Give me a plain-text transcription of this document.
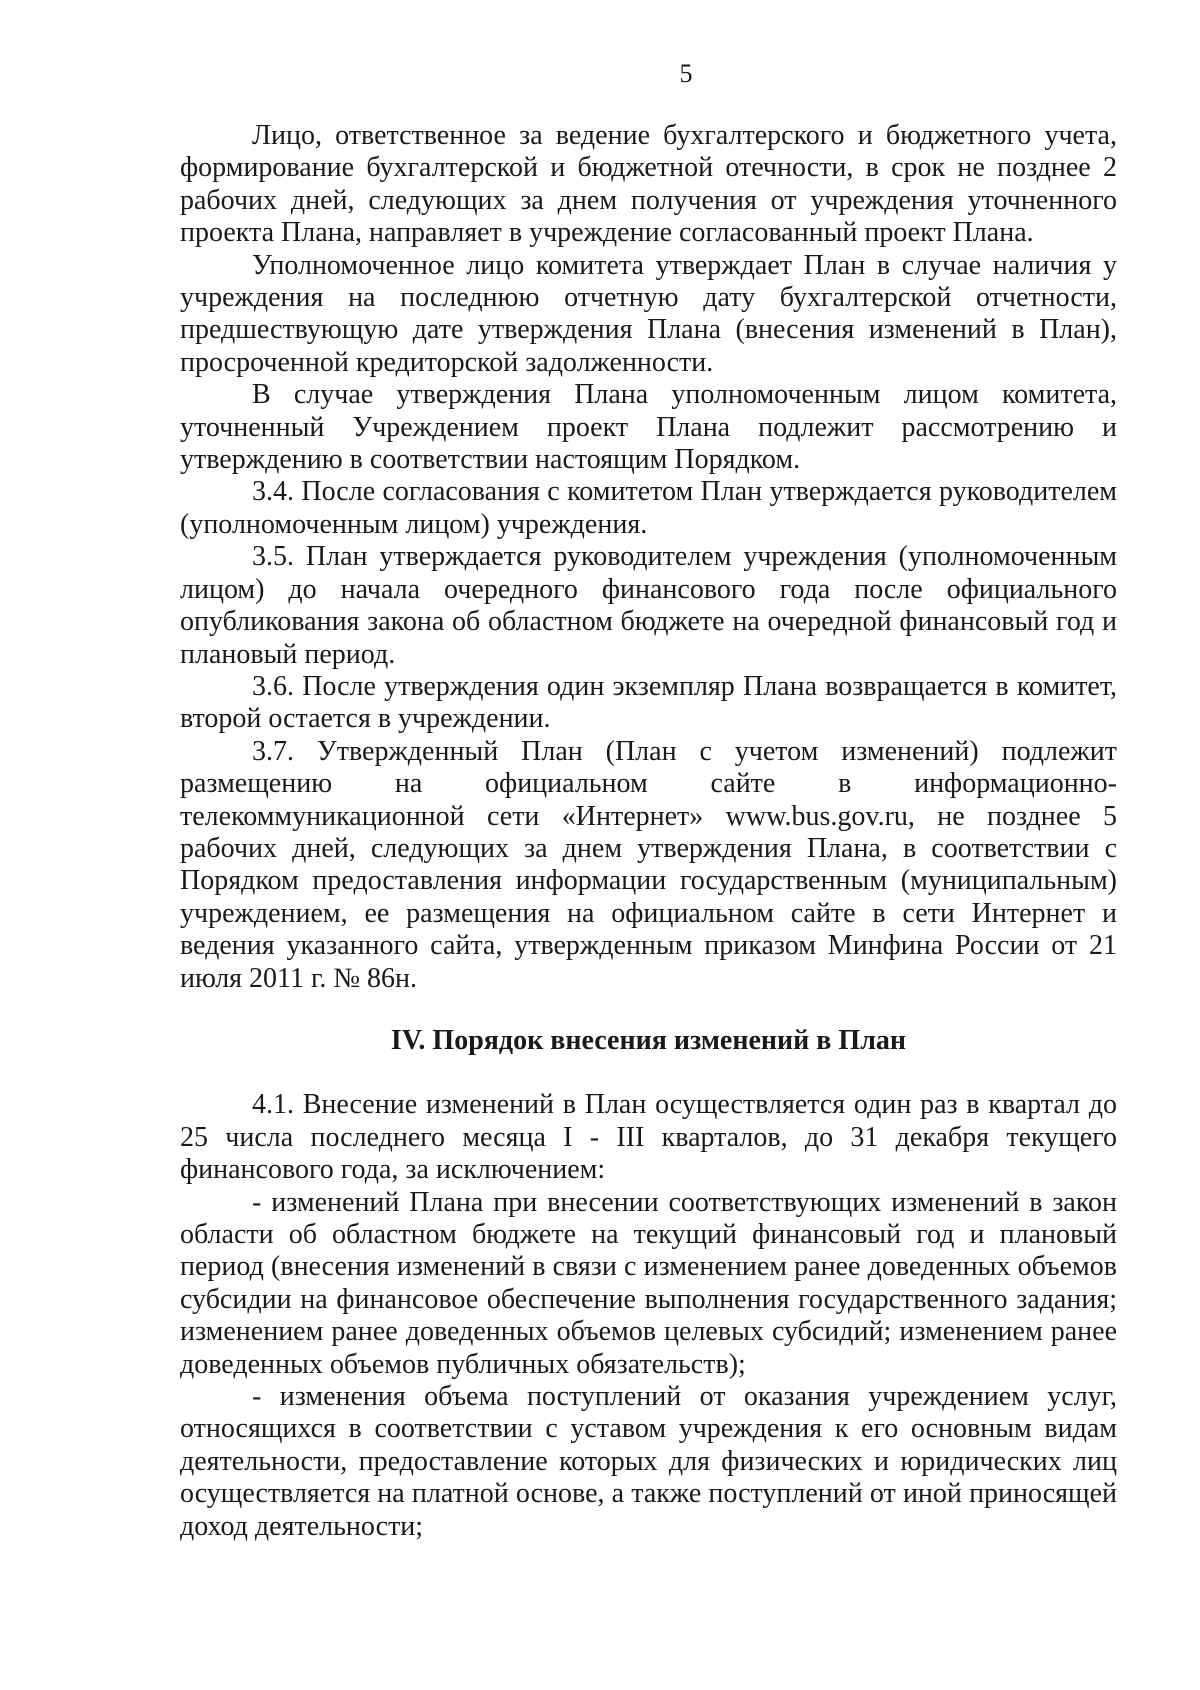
5

Лицо, ответственное за ведение бухгалтерского и бюджетного учета, формирование бухгалтерской и бюджетной отечности, в срок не позднее 2 рабочих дней, следующих за днем получения от учреждения уточненного проекта Плана, направляет в учреждение согласованный проект Плана.

Уполномоченное лицо комитета утверждает План в случае наличия у учреждения на последнюю отчетную дату бухгалтерской отчетности, предшествующую дате утверждения Плана (внесения изменений в План), просроченной кредиторской задолженности.

В случае утверждения Плана уполномоченным лицом комитета, уточненный Учреждением проект Плана подлежит рассмотрению и утверждению в соответствии настоящим Порядком.

3.4. После согласования с комитетом План утверждается руководителем (уполномоченным лицом) учреждения.

3.5. План утверждается руководителем учреждения (уполномоченным лицом) до начала очередного финансового года после официального опубликования закона об областном бюджете на очередной финансовый год и плановый период.

3.6. После утверждения один экземпляр Плана возвращается в комитет, второй остается в учреждении.

3.7. Утвержденный План (План с учетом изменений) подлежит размещению на официальном сайте в информационно-телекоммуникационной сети «Интернет» www.bus.gov.ru, не позднее 5 рабочих дней, следующих за днем утверждения Плана, в соответствии с Порядком предоставления информации государственным (муниципальным) учреждением, ее размещения на официальном сайте в сети Интернет и ведения указанного сайта, утвержденным приказом Минфина России от 21 июля 2011 г. № 86н.

IV. Порядок внесения изменений в План

4.1. Внесение изменений в План осуществляется один раз в квартал до 25 числа последнего месяца I - III кварталов, до 31 декабря текущего финансового года, за исключением:

- изменений Плана при внесении соответствующих изменений в закон области об областном бюджете на текущий финансовый год и плановый период (внесения изменений в связи с изменением ранее доведенных объемов субсидии на финансовое обеспечение выполнения государственного задания; изменением ранее доведенных объемов целевых субсидий; изменением ранее доведенных объемов публичных обязательств);

- изменения объема поступлений от оказания учреждением услуг, относящихся в соответствии с уставом учреждения к его основным видам деятельности, предоставление которых для физических и юридических лиц осуществляется на платной основе, а также поступлений от иной приносящей доход деятельности;
